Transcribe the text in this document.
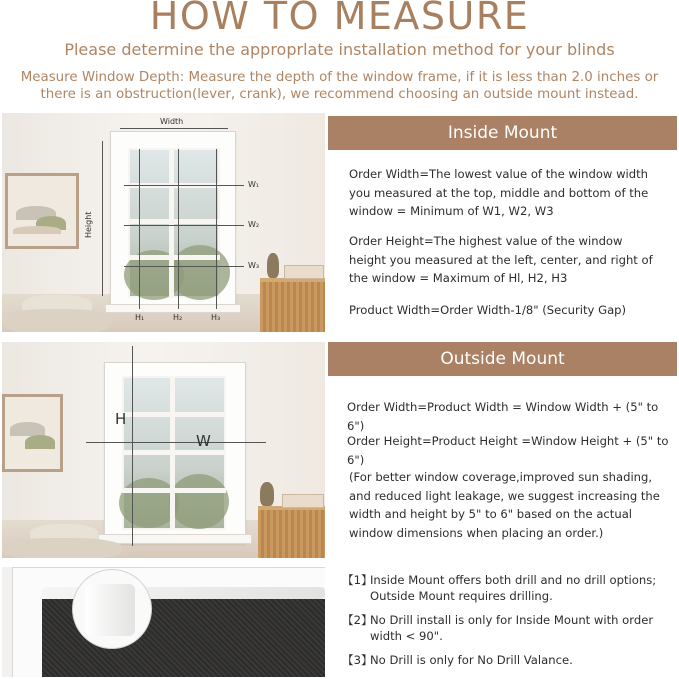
HOW TO MEASURE
Please determine the approprlate installation method for your blinds
Measure Window Depth: Measure the depth of the window frame, if it is less than 2.0 inches or there is an obstruction(lever, crank), we recommend choosing an outside mount instead.
Width
Height
W₁
W₂
W₃
H₁	H₂	H₃
Inside Mount
Order Width=The lowest value of the window width you measured at the top, middle and bottom of the window = Minimum of W1, W2, W3
Order Height=The highest value of the window height you measured at the left, center, and right of the window = Maximum of Hl, H2, H3
Product Width=Order Width-1/8" (Security Gap)
H
W
Outside Mount
Order Width=Product Width = Window Width + (5" to 6")
Order Height=Product Height =Window Height + (5" to 6")
(For better window coverage,improved sun shading, and reduced light leakage, we suggest increasing the width and height by 5" to 6" based on the actual window dimensions when placing an order.)
【1】
Inside Mount offers both drill and no drill options; Outside Mount requires drilling.
【2】
No Drill install is only for Inside Mount with order width < 90".
【3】
No Drill is only for No Drill Valance.
